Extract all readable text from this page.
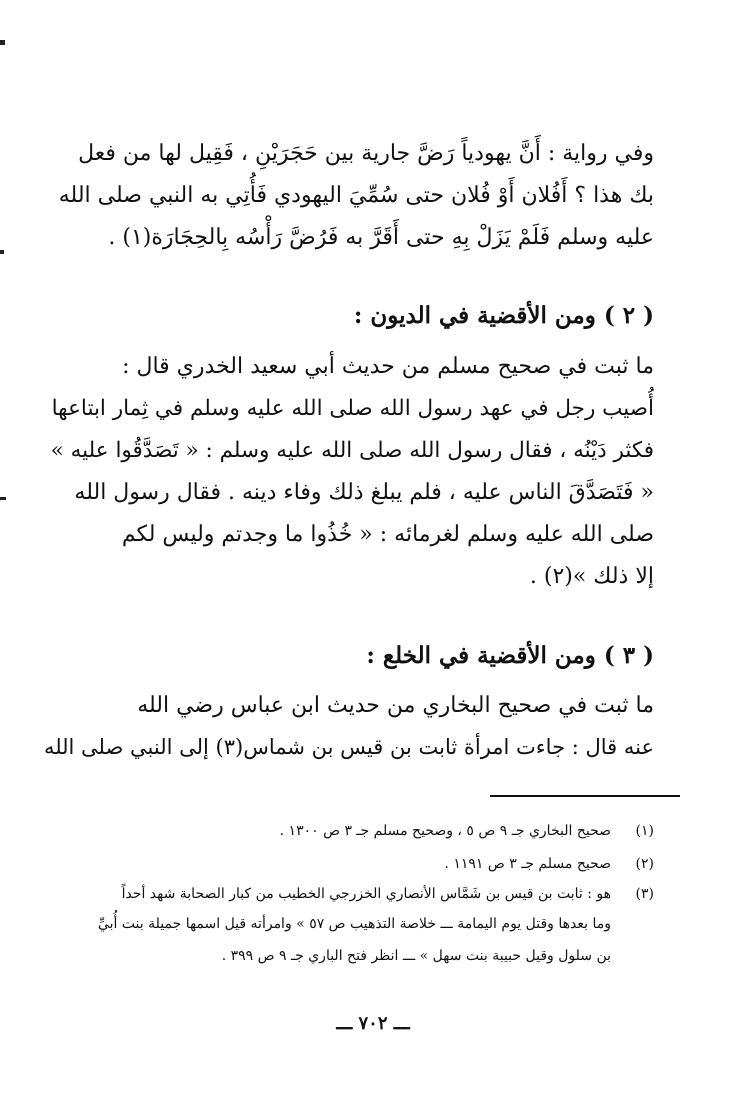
وفي رواية : أَنَّ يهودياً رَضَّ جارية بين حَجَرَيْنِ ، فَقِيل لها من فعل
بك هذا ؟ أَفُلان أَوْ فُلان حتى سُمِّيَ اليهودي فَأُتِي به النبي صلى الله
عليه وسلم فَلَمْ يَزَلْ بِهِ حتى أَقَرَّ به فَرُضَّ رَأْسُه بِالحِجَارَة(١) .
( ٢ ) ومن الأقضية في الديون :
ما ثبت في صحيح مسلم من حديث أبي سعيد الخدري قال :
أُصيب رجل في عهد رسول الله صلى الله عليه وسلم في ثِمار ابتاعها
فكثر دَيْنُه ، فقال رسول الله صلى الله عليه وسلم : « تَصَدَّقُوا عليه »
« فَتَصَدَّقَ الناس عليه ، فلم يبلغ ذلك وفاء دينه . فقال رسول الله
صلى الله عليه وسلم لغرمائه : « خُذُوا ما وجدتم وليس لكم
إلا ذلك »(٢) .
( ٣ ) ومن الأقضية في الخلع :
ما ثبت في صحيح البخاري من حديث ابن عباس رضي الله
عنه قال : جاءت امرأة ثابت بن قيس بن شماس(٣) إلى النبي صلى الله
(١)
صحيح البخاري جـ ٩ ص ٥ ، وصحيح مسلم جـ ٣ ص ١٣٠٠ .
(٢)
صحيح مسلم جـ ٣ ص ١١٩١ .
(٣)
هو : ثابت بن قيس بن شَمَّاس الأنصاري الخزرجي الخطيب من كبار الصحابة شهد أحداً
وما بعدها وقتل يوم اليمامة ـــ خلاصة التذهيب ص ٥٧ » وامرأته قيل اسمها جميلة بنت أُبيِّ
بن سلول وقيل حبيبة بنت سهل » ـــ انظر فتح الباري جـ ٩ ص ٣٩٩ .
ـــ ٧٠٢ ـــ
